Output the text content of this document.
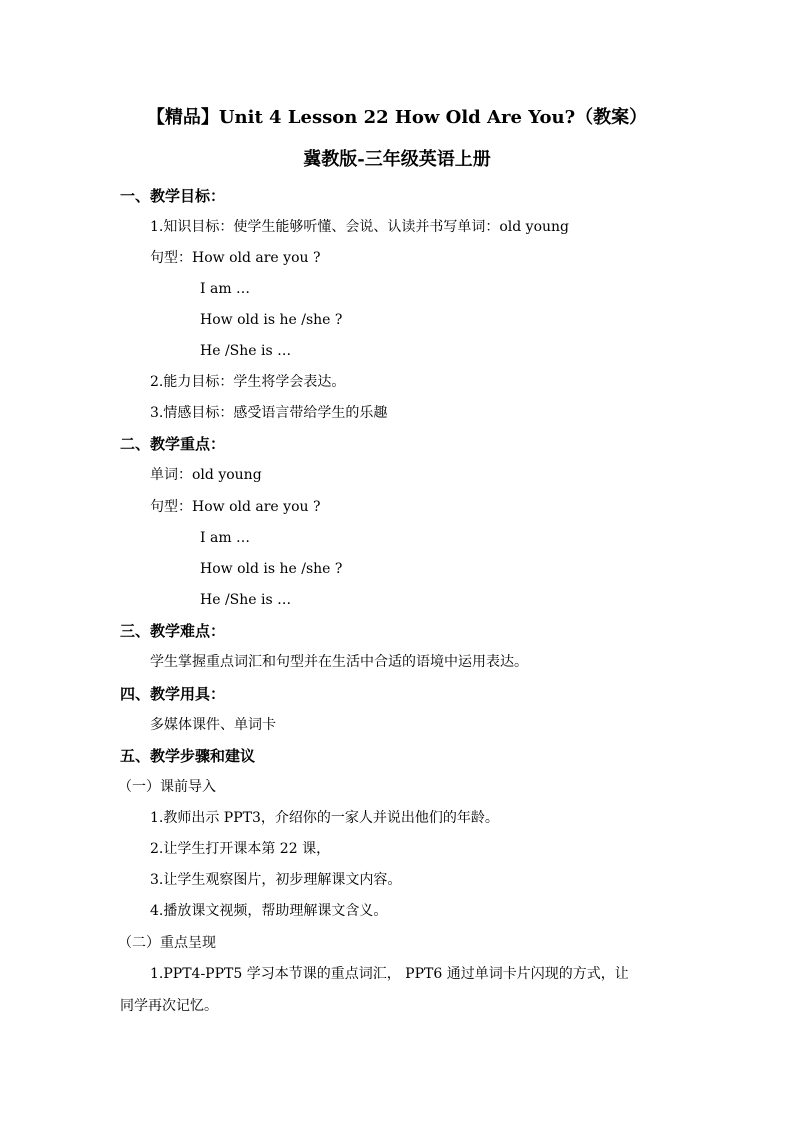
【精品】Unit 4 Lesson 22 How Old Are You?（教案）
冀教版-三年级英语上册
一、教学目标：
1.知识目标：使学生能够听懂、会说、认读并书写单词：old young
句型：How old are you ?
I am …
How old is he /she ?
He /She is …
2.能力目标：学生将学会表达。
3.情感目标：感受语言带给学生的乐趣
二、教学重点：
单词：old young
句型：How old are you ?
I am …
How old is he /she ?
He /She is …
三、教学难点：
学生掌握重点词汇和句型并在生活中合适的语境中运用表达。
四、教学用具：
多媒体课件、单词卡
五、教学步骤和建议
（一）课前导入
1.教师出示 PPT3，介绍你的一家人并说出他们的年龄。
2.让学生打开课本第 22 课，
3.让学生观察图片，初步理解课文内容。
4.播放课文视频，帮助理解课文含义。
（二）重点呈现
1.PPT4-PPT5 学习本节课的重点词汇， PPT6 通过单词卡片闪现的方式，让
同学再次记忆。
